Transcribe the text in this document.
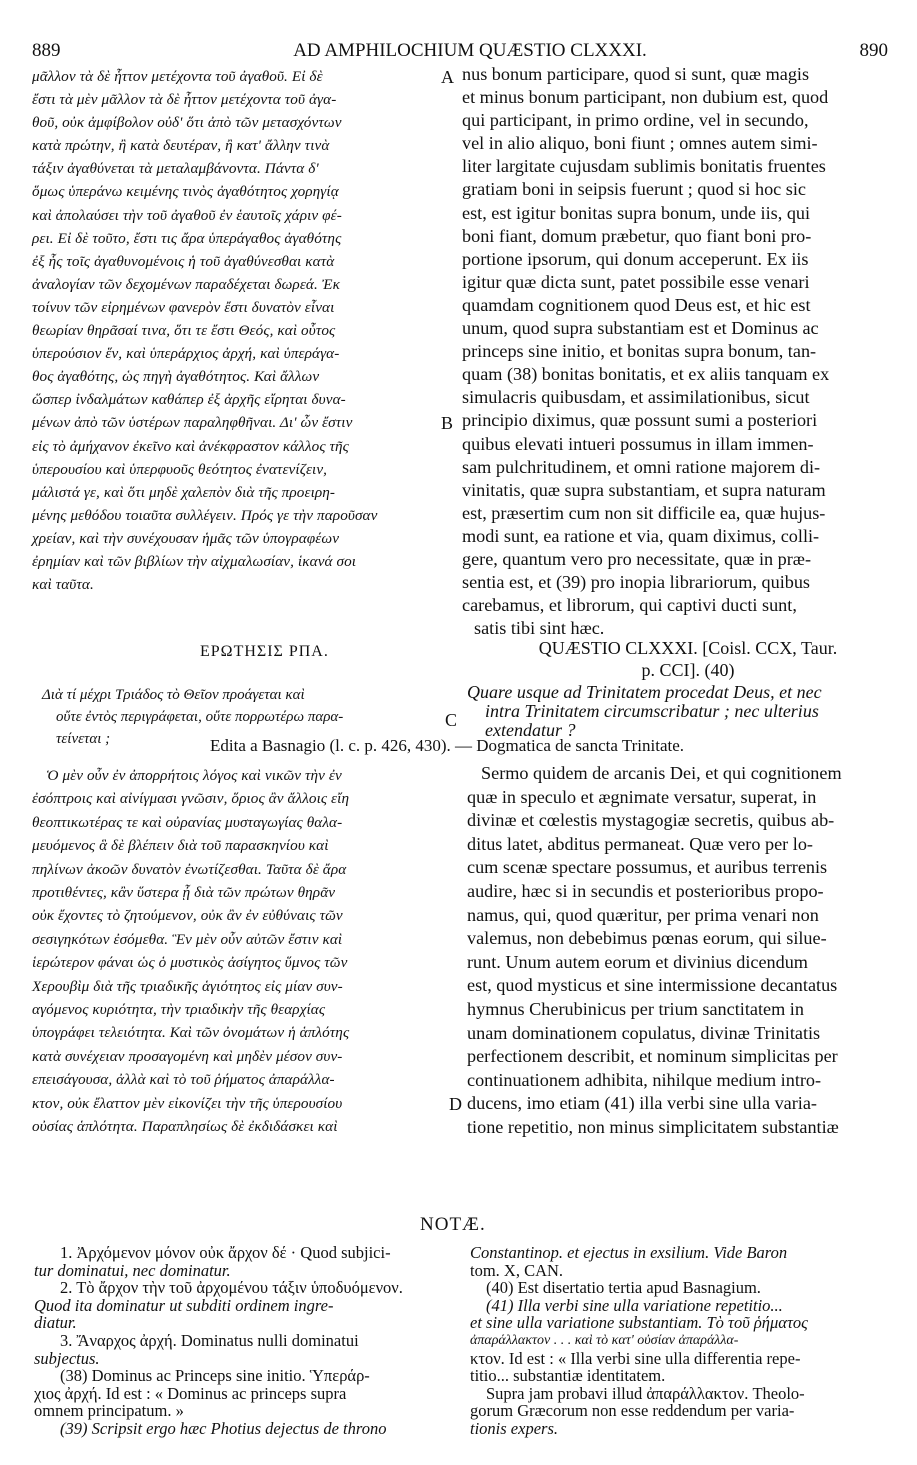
889	AD AMPHILOCHIUM QUÆSTIO CLXXXI.	890
μᾶλλον τὰ δὲ ἧττον μετέχοντα τοῦ ἀγαθοῦ. Εἰ δὲ
ἔστι τὰ μὲν μᾶλλον τὰ δὲ ἧττον μετέχοντα τοῦ ἀγα-
θοῦ, οὐκ ἀμφίβολον οὐδ' ὅτι ἀπὸ τῶν μετασχόντων
κατὰ πρώτην, ἢ κατὰ δευτέραν, ἢ κατ' ἄλλην τινὰ
τάξιν ἀγαθύνεται τὰ μεταλαμβάνοντα. Πάντα δ'
ὅμως ὑπεράνω κειμένης τινὸς ἀγαθότητος χορηγίᾳ
καὶ ἀπολαύσει τὴν τοῦ ἀγαθοῦ ἐν ἑαυτοῖς χάριν φέ-
ρει. Εἰ δὲ τοῦτο, ἔστι τις ἄρα ὑπεράγαθος ἀγαθότης
ἐξ ἧς τοῖς ἀγαθυνομένοις ἡ τοῦ ἀγαθύνεσθαι κατὰ
ἀναλογίαν τῶν δεχομένων παραδέχεται δωρεά. Ἐκ
τοίνυν τῶν εἰρημένων φανερὸν ἔστι δυνατὸν εἶναι
θεωρίαν θηρᾶσαί τινα, ὅτι τε ἔστι Θεός, καὶ οὗτος
ὑπερούσιον ἕν, καὶ ὑπεράρχιος ἀρχή, καὶ ὑπεράγα-
θος ἀγαθότης, ὡς πηγὴ ἀγαθότητος. Καὶ ἄλλων
ὥσπερ ἰνδαλμάτων καθάπερ ἐξ ἀρχῆς εἴρηται δυνα-
μένων ἀπὸ τῶν ὑστέρων παραληφθῆναι. Δι' ὧν ἔστιν
εἰς τὸ ἀμήχανον ἐκεῖνο καὶ ἀνέκφραστον κάλλος τῆς
ὑπερουσίου καὶ ὑπερφυοῦς θεότητος ἐνατενίζειν,
μάλιστά γε, καὶ ὅτι μηδὲ χαλεπὸν διὰ τῆς προειρη-
μένης μεθόδου τοιαῦτα συλλέγειν. Πρός γε τὴν παροῦσαν
χρείαν, καὶ τὴν συνέχουσαν ἡμᾶς τῶν ὑπογραφέων
ἐρημίαν καὶ τῶν βιβλίων τὴν αἰχμαλωσίαν, ἱκανά σοι
καὶ ταῦτα.
A
B
C
D
nus bonum participare, quod si sunt, quæ magis
et minus bonum participant, non dubium est, quod
qui participant, in primo ordine, vel in secundo,
vel in alio aliquo, boni fiunt ; omnes autem simi-
liter largitate cujusdam sublimis bonitatis fruentes
gratiam boni in seipsis fuerunt ; quod si hoc sic
est, est igitur bonitas supra bonum, unde iis, qui
boni fiant, domum præbetur, quo fiant boni pro-
portione ipsorum, qui donum acceperunt. Ex iis
igitur quæ dicta sunt, patet possibile esse venari
quamdam cognitionem quod Deus est, et hic est
unum, quod supra substantiam est et Dominus ac
princeps sine initio, et bonitas supra bonum, tan-
quam (38) bonitas bonitatis, et ex aliis tanquam ex
simulacris quibusdam, et assimilationibus, sicut
principio diximus, quæ possunt sumi a posteriori
quibus elevati intueri possumus in illam immen-
sam pulchritudinem, et omni ratione majorem di-
vinitatis, quæ supra substantiam, et supra naturam
est, præsertim cum non sit difficile ea, quæ hujus-
modi sunt, ea ratione et via, quam diximus, colli-
gere, quantum vero pro necessitate, quæ in præ-
sentia est, et (39) pro inopia librariorum, quibus
carebamus, et librorum, qui captivi ducti sunt,
satis tibi sint hæc.
ΕΡΩΤΗΣΙΣ ΡΠΑ.	QUÆSTIO CLXXXI. [Coisl. CCX, Taur.
p. CCI]. (40)
Διὰ τί μέχρι Τριάδος τὸ Θεῖον προάγεται καὶ
οὔτε ἐντὸς περιγράφεται, οὔτε πορρωτέρω παρα-
τείνεται ;
Quare usque ad Trinitatem procedat Deus, et nec
intra Trinitatem circumscribatur ; nec ulterius
extendatur ?
Edita a Basnagio (l. c. p. 426, 430). — Dogmatica de sancta Trinitate.
Ὁ μὲν οὖν ἐν ἀπορρήτοις λόγος καὶ νικῶν τὴν ἐν
ἐσόπτροις καὶ αἰνίγμασι γνῶσιν, ὅριος ἂν ἄλλοις εἴη
θεοπτικωτέρας τε καὶ οὐρανίας μυσταγωγίας θαλα-
μευόμενος ἃ δὲ βλέπειν διὰ τοῦ παρασκηνίου καὶ
πηλίνων ἀκοῶν δυνατὸν ἐνωτίζεσθαι. Ταῦτα δὲ ἄρα
προτιθέντες, κἂν ὕστερα ᾖ διὰ τῶν πρώτων θηρᾶν
οὐκ ἔχοντες τὸ ζητούμενον, οὐκ ἂν ἐν εὐθύναις τῶν
σεσιγηκότων ἐσόμεθα. Ἓν μὲν οὖν αὐτῶν ἔστιν καὶ
ἱερώτερον φάναι ὡς ὁ μυστικὸς ἀσίγητος ὕμνος τῶν
Χερουβὶμ διὰ τῆς τριαδικῆς ἁγιότητος εἰς μίαν συν-
αγόμενος κυριότητα, τὴν τριαδικὴν τῆς θεαρχίας
ὑπογράφει τελειότητα. Καὶ τῶν ὀνομάτων ἡ ἁπλότης
κατὰ συνέχειαν προσαγομένη καὶ μηδὲν μέσον συν-
επεισάγουσα, ἀλλὰ καὶ τὸ τοῦ ῥήματος ἀπαράλλα-
κτον, οὐκ ἔλαττον μὲν εἰκονίζει τὴν τῆς ὑπερουσίου
οὐσίας ἁπλότητα. Παραπλησίως δὲ ἐκδιδάσκει καὶ
Sermo quidem de arcanis Dei, et qui cognitionem
quæ in speculo et ægnimate versatur, superat, in
divinæ et cœlestis mystagogiæ secretis, quibus ab-
ditus latet, abditus permaneat. Quæ vero per lo-
cum scenæ spectare possumus, et auribus terrenis
audire, hæc si in secundis et posterioribus propo-
namus, qui, quod quæritur, per prima venari non
valemus, non debebimus pœnas eorum, qui siluе-
runt. Unum autem eorum et divinius dicendum
est, quod mysticus et sine intermissione decantatus
hymnus Cherubinicus per trium sanctitatem in
unam dominationem copulatus, divinæ Trinitatis
perfectionem describit, et nominum simplicitas per
continuationem adhibita, nihilque medium intro-
ducens, imo etiam (41) illa verbi sine ulla varia-
tione repetitio, non minus simplicitatem substantiæ
NOTÆ.
1. Ἀρχόμενον μόνον οὐκ ἄρχον δέ · Quod subjici-
tur dominatui, nec dominatur.
2. Τὸ ἄρχον τὴν τοῦ ἀρχομένου τάξιν ὑποδυόμενον.
Quod ita dominatur ut subditi ordinem ingre-
diatur.
3. Ἄναρχος ἀρχή. Dominatus nulli dominatui
subjectus.
(38) Dominus ac Princeps sine initio. Ὑπεράρ-
χιος ἀρχή. Id est : « Dominus ac princeps supra
omnem principatum. »
(39) Scripsit ergo hæc Photius dejectus de throno
Constantinop. et ejectus in exsilium. Vide Baron
tom. X, CAN.
(40) Est disertatio tertia apud Basnagium.
(41) Illa verbi sine ulla variatione repetitio...
et sine ulla variatione substantiam. Τὸ τοῦ ῥήματος
ἀπαράλλακτον . . . καὶ τὸ κατ' οὐσίαν ἀπαράλλα-
κτον. Id est : « Illa verbi sine ulla differentia repe-
titio... substantiæ identitatem.
Supra jam probavi illud ἀπαράλλακτον. Theolo-
gorum Græcorum non esse reddendum per varia-
tionis expers.
